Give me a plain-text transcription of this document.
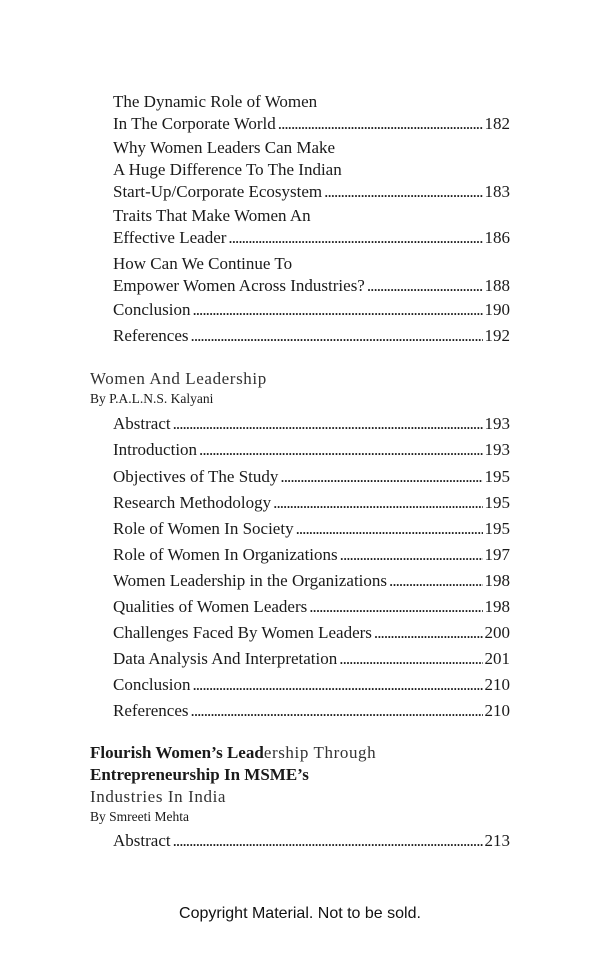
The Dynamic Role of Women
In The Corporate World . . .	182
Why Women Leaders Can Make
A Huge Difference To The Indian
Start-Up/Corporate Ecosystem . . .	183
Traits That Make Women An
Effective Leader . . .	186
How Can We Continue To
Empower Women Across Industries? . . .	188
Conclusion . . .	190
References . . .	192
Women And Leadership
By P.A.L.N.S. Kalyani
Abstract . . .	193
Introduction . . .	193
Objectives of The Study . . .	195
Research Methodology . . .	195
Role of Women In Society . . .	195
Role of Women In Organizations . . .	197
Women Leadership in the Organizations . . .	198
Qualities of Women Leaders . . .	198
Challenges Faced By Women Leaders . . .	200
Data Analysis And Interpretation . . .	201
Conclusion . . .	210
References . . .	210
Flourish Women’s Leadership Through
Entrepreneurship In MSME’s
Industries In India
By Smreeti Mehta
Abstract . . .	213
Copyright Material. Not to be sold.
